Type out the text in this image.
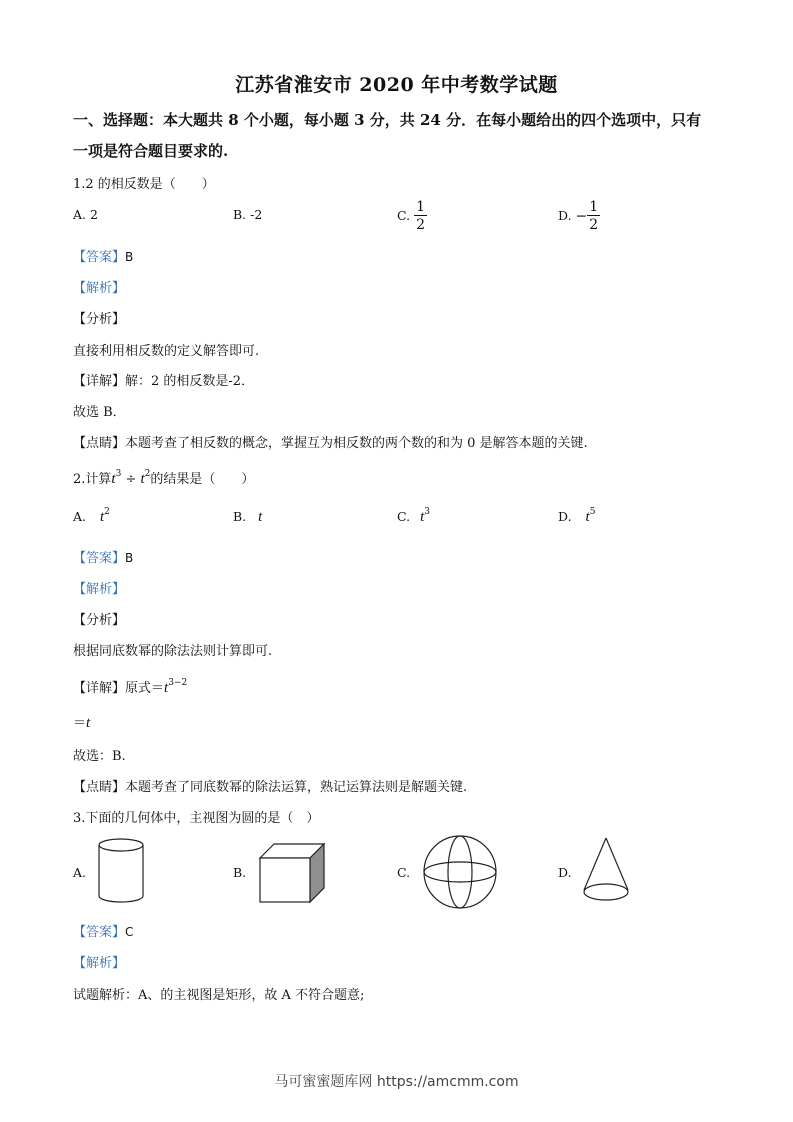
江苏省淮安市 2020 年中考数学试题
一、选择题：本大题共 8 个小题，每小题 3 分，共 24 分．在每小题给出的四个选项中，只有
一项是符合题目要求的.
1.2 的相反数是（　　）
A. 2	B. -2	C. $\frac{1}{2}$	D. − $\frac{1}{2}$
【答案】B
【解析】
【分析】
直接利用相反数的定义解答即可.
【详解】解：2 的相反数是-2．
故选 B．
【点睛】本题考查了相反数的概念，掌握互为相反数的两个数的和为 0 是解答本题的关键.
2.计算$t^3 \div t^2$的结果是（　　）
A. $t^2$	B. t	C. $t^3$	D. $t^5$
【答案】B
【解析】
【分析】
根据同底数幂的除法法则计算即可.
【详解】原式$=t^{3-2}$
＝t
故选：B.
【点睛】本题考查了同底数幂的除法运算，熟记运算法则是解题关键.
3.下面的几何体中，主视图为圆的是（　）
A.	B.	C.	D.
【答案】C
【解析】
试题解析：A、的主视图是矩形，故 A 不符合题意;
马可蜜蜜题库网 https://amcmm.com
